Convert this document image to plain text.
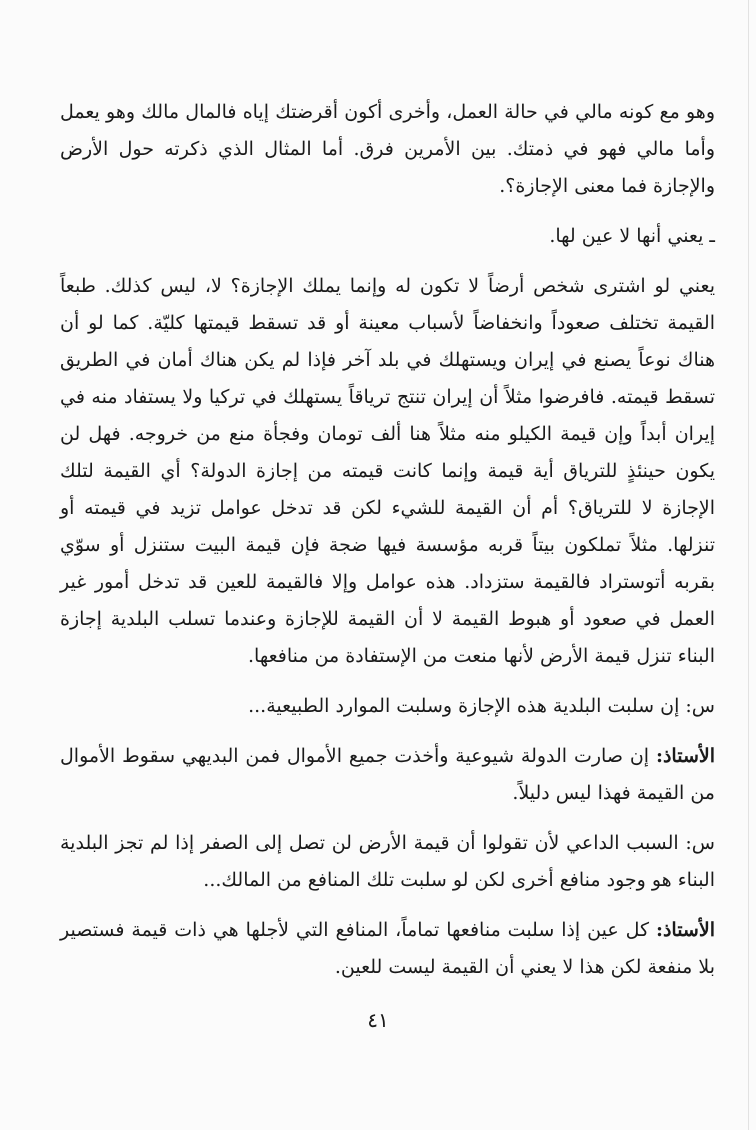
وهو مع كونه مالي في حالة العمل، وأخرى أكون أقرضتك إياه فالمال مالك وهو يعمل وأما مالي فهو في ذمتك. بين الأمرين فرق. أما المثال الذي ذكرته حول الأرض والإجازة فما معنى الإجازة؟.

ـ يعني أنها لا عين لها.

يعني لو اشترى شخص أرضاً لا تكون له وإنما يملك الإجازة؟ لا، ليس كذلك. طبعاً القيمة تختلف صعوداً وانخفاضاً لأسباب معينة أو قد تسقط قيمتها كليّة. كما لو أن هناك نوعاً يصنع في إيران ويستهلك في بلد آخر فإذا لم يكن هناك أمان في الطريق تسقط قيمته. فافرضوا مثلاً أن إيران تنتج ترياقاً يستهلك في تركيا ولا يستفاد منه في إيران أبداً وإن قيمة الكيلو منه مثلاً هنا ألف تومان وفجأة منع من خروجه. فهل لن يكون حينئذٍ للترياق أية قيمة وإنما كانت قيمته من إجازة الدولة؟ أي القيمة لتلك الإجازة لا للترياق؟ أم أن القيمة للشيء لكن قد تدخل عوامل تزيد في قيمته أو تنزلها. مثلاً تملكون بيتاً قربه مؤسسة فيها ضجة فإن قيمة البيت ستنزل أو سوّي بقربه أتوستراد فالقيمة ستزداد. هذه عوامل وإلا فالقيمة للعين قد تدخل أمور غير العمل في صعود أو هبوط القيمة لا أن القيمة للإجازة وعندما تسلب البلدية إجازة البناء تنزل قيمة الأرض لأنها منعت من الإستفادة من منافعها.

س: إن سلبت البلدية هذه الإجازة وسلبت الموارد الطبيعية...

الأستاذ: إن صارت الدولة شيوعية وأخذت جميع الأموال فمن البديهي سقوط الأموال من القيمة فهذا ليس دليلاً.

س: السبب الداعي لأن تقولوا أن قيمة الأرض لن تصل إلى الصفر إذا لم تجز البلدية البناء هو وجود منافع أخرى لكن لو سلبت تلك المنافع من المالك...

الأستاذ: كل عين إذا سلبت منافعها تماماً، المنافع التي لأجلها هي ذات قيمة فستصير بلا منفعة لكن هذا لا يعني أن القيمة ليست للعين.

٤١
